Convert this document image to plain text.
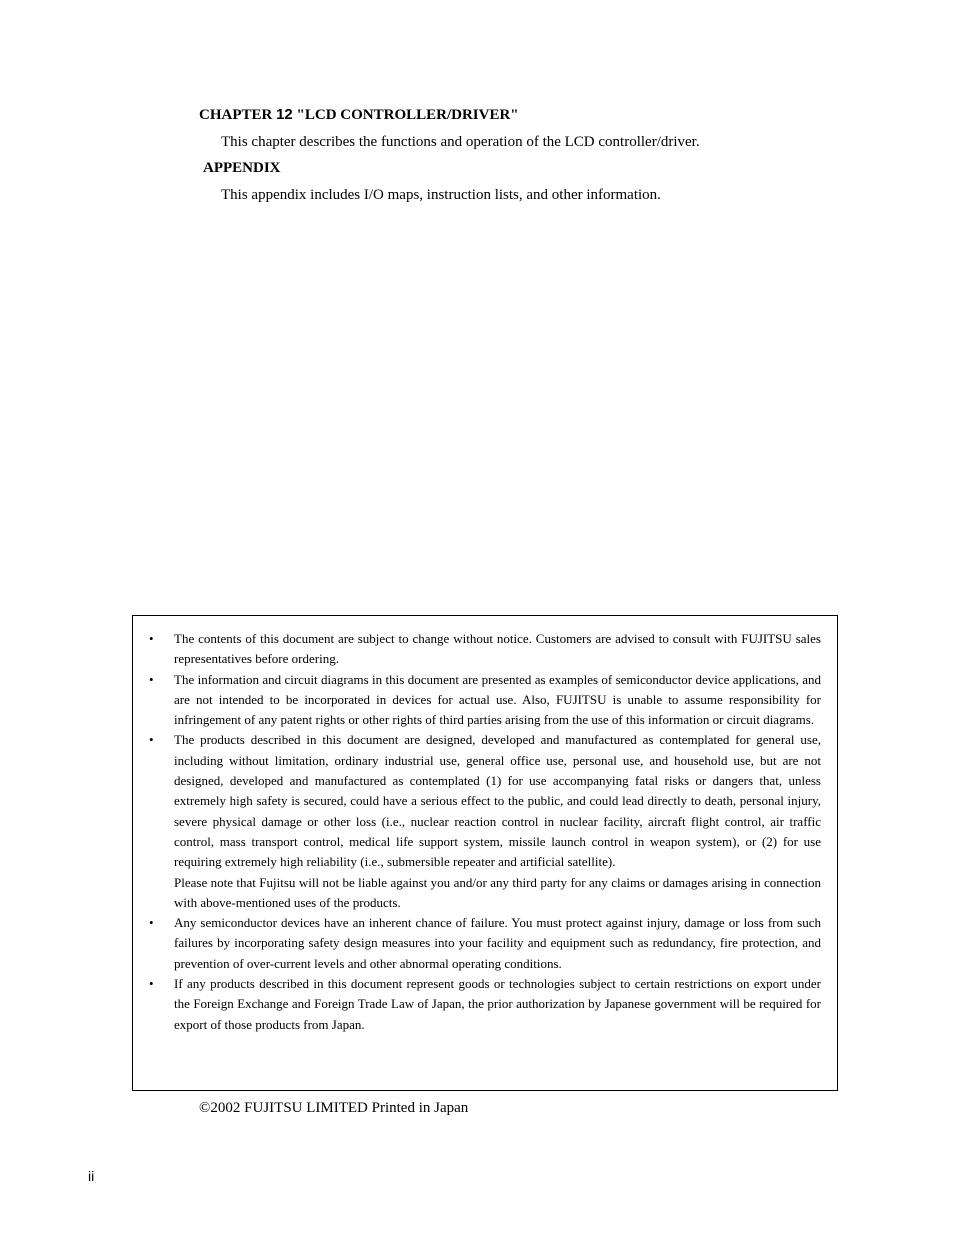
CHAPTER 12 "LCD CONTROLLER/DRIVER"

This chapter describes the functions and operation of the LCD controller/driver.

APPENDIX

This appendix includes I/O maps, instruction lists, and other information.

• The contents of this document are subject to change without notice. Customers are advised to consult with FUJITSU sales representatives before ordering.

• The information and circuit diagrams in this document are presented as examples of semiconductor device applications, and are not intended to be incorporated in devices for actual use. Also, FUJITSU is unable to assume responsibility for infringement of any patent rights or other rights of third parties arising from the use of this information or circuit diagrams.

• The products described in this document are designed, developed and manufactured as contemplated for general use, including without limitation, ordinary industrial use, general office use, personal use, and household use, but are not designed, developed and manufactured as contemplated (1) for use accompanying fatal risks or dangers that, unless extremely high safety is secured, could have a serious effect to the public, and could lead directly to death, personal injury, severe physical damage or other loss (i.e., nuclear reaction control in nuclear facility, aircraft flight control, air traffic control, mass transport control, medical life support system, missile launch control in weapon system), or (2) for use requiring extremely high reliability (i.e., submersible repeater and artificial satellite).

Please note that Fujitsu will not be liable against you and/or any third party for any claims or damages arising in connection with above-mentioned uses of the products.

• Any semiconductor devices have an inherent chance of failure. You must protect against injury, damage or loss from such failures by incorporating safety design measures into your facility and equipment such as redundancy, fire protection, and prevention of over-current levels and other abnormal operating conditions.

• If any products described in this document represent goods or technologies subject to certain restrictions on export under the Foreign Exchange and Foreign Trade Law of Japan, the prior authorization by Japanese government will be required for export of those products from Japan.

©2002 FUJITSU LIMITED Printed in Japan

ii
